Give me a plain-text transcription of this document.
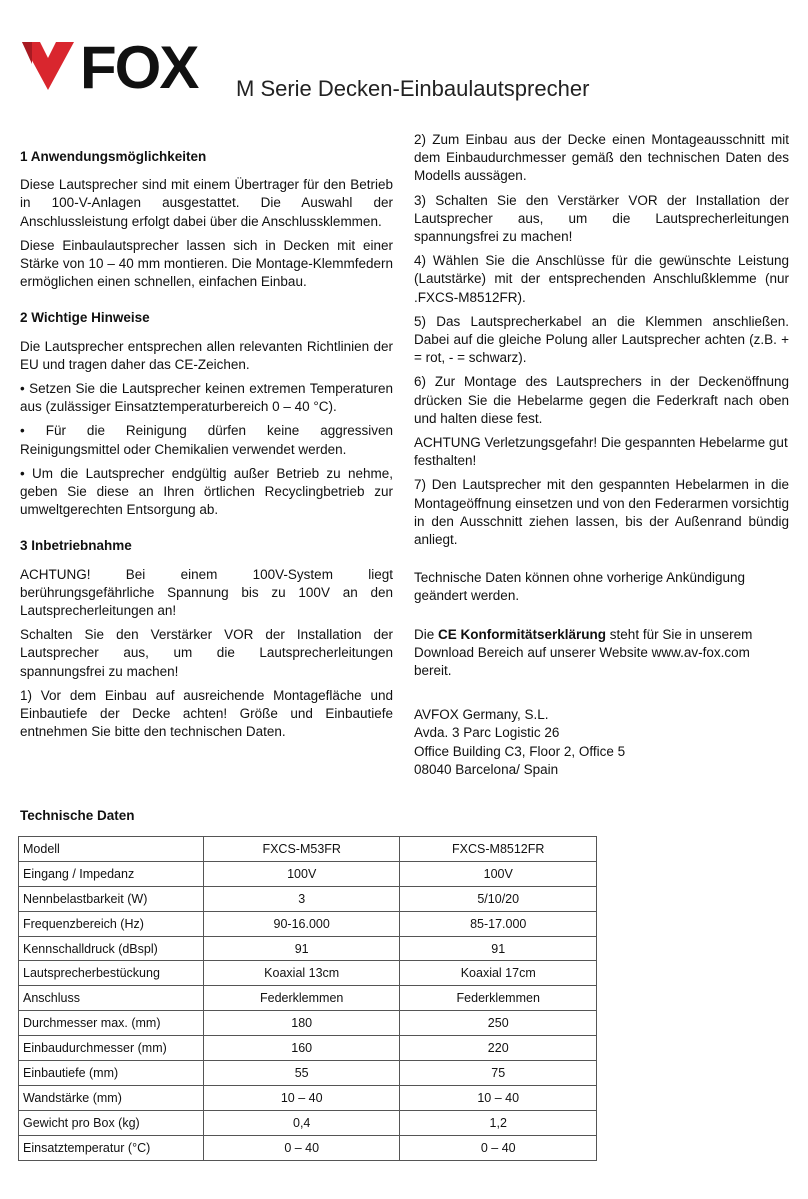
FOX M Serie Decken-Einbaulautsprecher
1 Anwendungsmöglichkeiten

Diese Lautsprecher sind mit einem Übertrager für den Betrieb in 100-V-Anlagen ausgestattet. Die Auswahl der Anschlussleistung erfolgt dabei über die Anschlussklemmen.

Diese Einbaulautsprecher lassen sich in Decken mit einer Stärke von 10 – 40 mm montieren. Die Montage-Klemmfedern ermöglichen einen schnellen, einfachen Einbau.

2 Wichtige Hinweise

Die Lautsprecher entsprechen allen relevanten Richtlinien der EU und tragen daher das CE-Zeichen.

• Setzen Sie die Lautsprecher keinen extremen Temperaturen aus (zulässiger Einsatztemperaturbereich 0 – 40 °C).

• Für die Reinigung dürfen keine aggressiven Reinigungsmittel oder Chemikalien verwendet werden.

• Um die Lautsprecher endgültig außer Betrieb zu nehme, geben Sie diese an Ihren örtlichen Recyclingbetrieb zur umweltgerechten Entsorgung ab.

3 Inbetriebnahme

ACHTUNG! Bei einem 100V-System liegt berührungsgefährliche Spannung bis zu 100V an den Lautsprecherleitungen an!

Schalten Sie den Verstärker VOR der Installation der Lautsprecher aus, um die Lautsprecherleitungen spannungsfrei zu machen!

1) Vor dem Einbau auf ausreichende Montagefläche und Einbautiefe der Decke achten! Größe und Einbautiefe entnehmen Sie bitte den technischen Daten.

2) Zum Einbau aus der Decke einen Montageausschnitt mit dem Einbaudurchmesser gemäß den technischen Daten des Modells aussägen.

3) Schalten Sie den Verstärker VOR der Installation der Lautsprecher aus, um die Lautsprecherleitungen spannungsfrei zu machen!

4) Wählen Sie die Anschlüsse für die gewünschte Leistung (Lautstärke) mit der entsprechenden Anschlußklemme (nur .FXCS-M8512FR).

5) Das Lautsprecherkabel an die Klemmen anschließen. Dabei auf die gleiche Polung aller Lautsprecher achten (z.B. + = rot, - = schwarz).

6) Zur Montage des Lautsprechers in der Deckenöffnung drücken Sie die Hebelarme gegen die Federkraft nach oben und halten diese fest.

ACHTUNG Verletzungsgefahr! Die gespannten Hebelarme gut festhalten!

7) Den Lautsprecher mit den gespannten Hebelarmen in die Montageöffnung einsetzen und von den Federarmen vorsichtig in den Ausschnitt ziehen lassen, bis der Außenrand bündig anliegt.

Technische Daten können ohne vorherige Ankündigung geändert werden.

Die CE Konformitätserklärung steht für Sie in unserem Download Bereich auf unserer Website www.av-fox.com bereit.

AVFOX Germany, S.L.

Avda. 3 Parc Logistic 26

Office Building C3, Floor 2, Office 5

08040 Barcelona/ Spain

Technische Daten
Modell	FXCS-M53FR	FXCS-M8512FR
Eingang / Impedanz	100V	100V
Nennbelastbarkeit (W)	3	5/10/20
Frequenzbereich (Hz)	90-16.000	85-17.000
Kennschalldruck (dBspl)	91	91
Lautsprecherbestückung	Koaxial 13cm	Koaxial 17cm
Anschluss	Federklemmen	Federklemmen
Durchmesser max. (mm)	180	250
Einbaudurchmesser (mm)	160	220
Einbautiefe (mm)	55	75
Wandstärke (mm)	10 – 40	10 – 40
Gewicht pro Box (kg)	0,4	1,2
Einsatztemperatur (°C)	0 – 40	0 – 40
